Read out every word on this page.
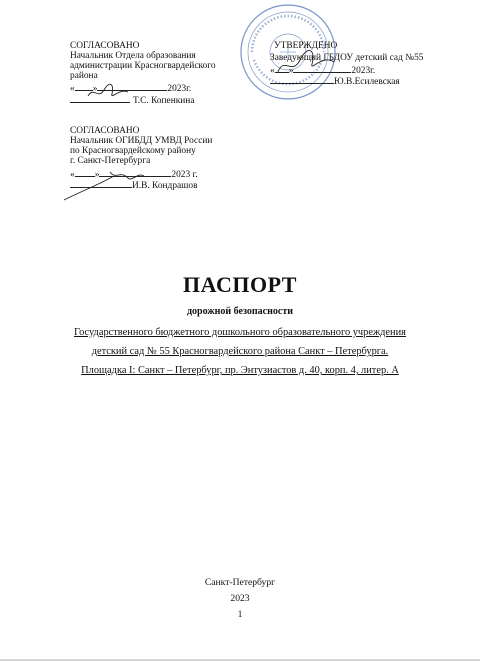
СОГЛАСОВАНО
Начальник Отдела образования
администрации Красногвардейского
района
« »	2023г.
Т.С. Копенкина
СОГЛАСОВАНО
Начальник ОГИБДД УМВД России
по Красногвардейскому району
г. Санкт-Петербурга
« »	2023 г.
И.В. Кондрашов
УТВЕРЖДЕНО
Заведующий ГБДОУ детский сад №55
« »	2023г.
Ю.В.Есилевская
ПАСПОРТ
дорожной безопасности
Государственного бюджетного дошкольного образовательного учреждения
детский сад № 55 Красногвардейского района Санкт – Петербурга.
Площадка I: Санкт – Петербург, пр. Энтузиастов д. 40, корп. 4, литер. А
Санкт-Петербург
2023
1
